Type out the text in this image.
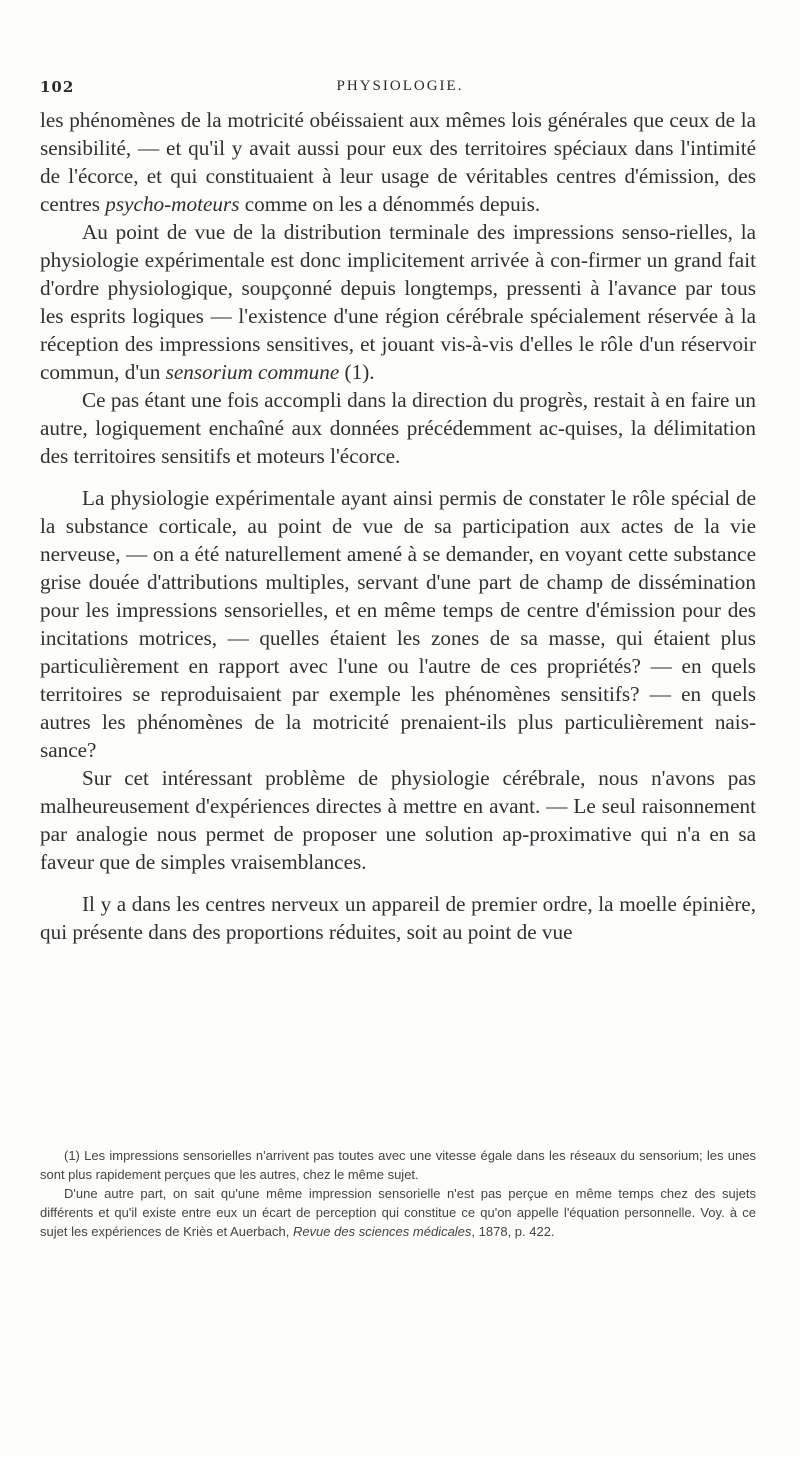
102	PHYSIOLOGIE.

les phénomènes de la motricité obéissaient aux mêmes lois générales que ceux de la sensibilité, — et qu'il y avait aussi pour eux des territoires spéciaux dans l'intimité de l'écorce, et qui constituaient à leur usage de véritables centres d'émission, des centres psycho-moteurs comme on les a dénommés depuis.

Au point de vue de la distribution terminale des impressions senso-rielles, la physiologie expérimentale est donc implicitement arrivée à con-firmer un grand fait d'ordre physiologique, soupçonné depuis longtemps, pressenti à l'avance par tous les esprits logiques — l'existence d'une région cérébrale spécialement réservée à la réception des impressions sensitives, et jouant vis-à-vis d'elles le rôle d'un réservoir commun, d'un sensorium commune (1).

Ce pas étant une fois accompli dans la direction du progrès, restait à en faire un autre, logiquement enchaîné aux données précédemment ac-quises, la délimitation des territoires sensitifs et moteurs l'écorce.

La physiologie expérimentale ayant ainsi permis de constater le rôle spécial de la substance corticale, au point de vue de sa participation aux actes de la vie nerveuse, — on a été naturellement amené à se demander, en voyant cette substance grise douée d'attributions multiples, servant d'une part de champ de dissémination pour les impressions sensorielles, et en même temps de centre d'émission pour des incitations motrices, — quelles étaient les zones de sa masse, qui étaient plus particulièrement en rapport avec l'une ou l'autre de ces propriétés? — en quels territoires se reproduisaient par exemple les phénomènes sensitifs? — en quels autres les phénomènes de la motricité prenaient-ils plus particulièrement nais-sance?

Sur cet intéressant problème de physiologie cérébrale, nous n'avons pas malheureusement d'expériences directes à mettre en avant. — Le seul raisonnement par analogie nous permet de proposer une solution ap-proximative qui n'a en sa faveur que de simples vraisemblances.

Il y a dans les centres nerveux un appareil de premier ordre, la moelle épinière, qui présente dans des proportions réduites, soit au point de vue

(1) Les impressions sensorielles n'arrivent pas toutes avec une vitesse égale dans les réseaux du sensorium; les unes sont plus rapidement perçues que les autres, chez le même sujet.

D'une autre part, on sait qu'une même impression sensorielle n'est pas perçue en même temps chez des sujets différents et qu'il existe entre eux un écart de perception qui constitue ce qu'on appelle l'équation personnelle. Voy. à ce sujet les expériences de Kriès et Auerbach, Revue des sciences médicales, 1878, p. 422.
